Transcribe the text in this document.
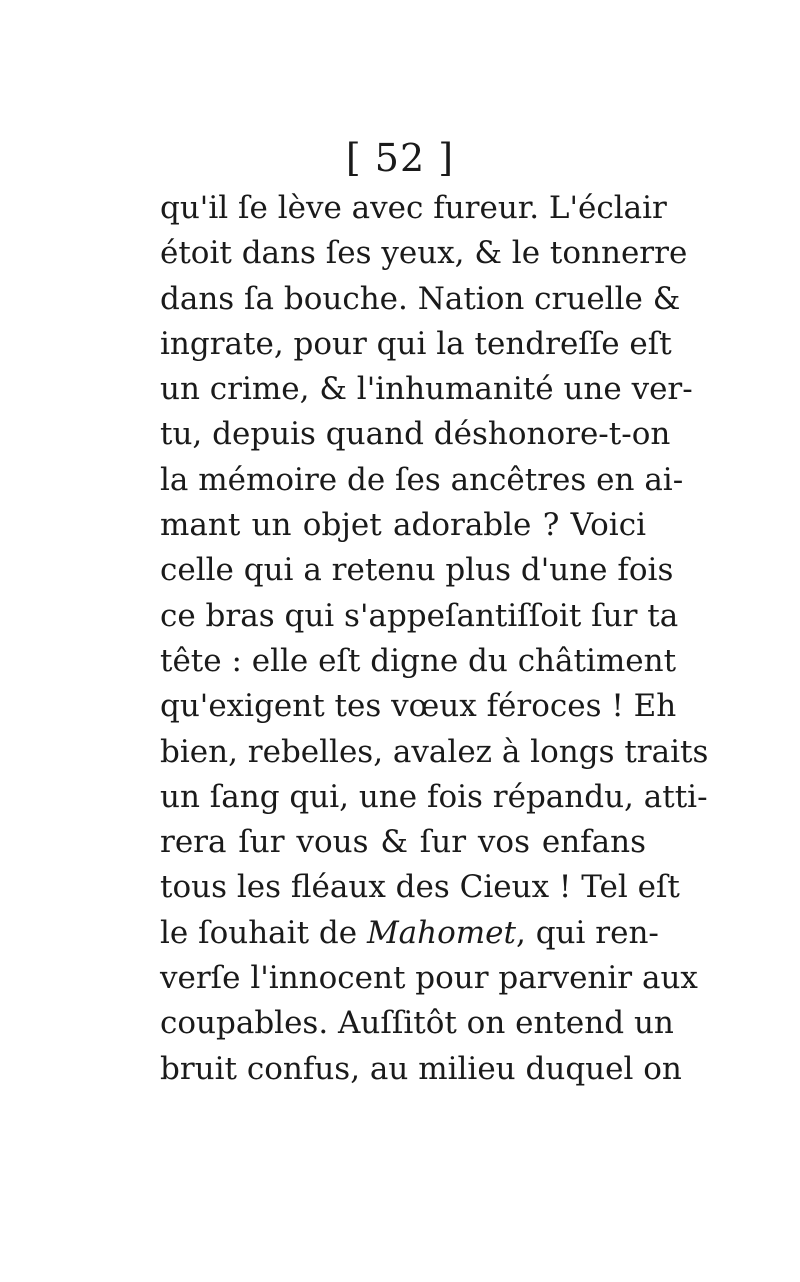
[ 52 ]
qu'il ſe lève avec fureur. L'éclair
étoit dans ſes yeux, & le tonnerre
dans ſa bouche. Nation cruelle &
ingrate, pour qui la tendreſſe eſt
un crime, & l'inhumanité une ver-
tu, depuis quand déshonore-t-on
la mémoire de ſes ancêtres en ai-
mant un objet adorable ? Voici
celle qui a retenu plus d'une fois
ce bras qui s'appeſantiſſoit ſur ta
tête : elle eſt digne du châtiment
qu'exigent tes vœux féroces ! Eh
bien, rebelles, avalez à longs traits
un ſang qui, une fois répandu, atti-
rera ſur vous & ſur vos enfans
tous les fléaux des Cieux ! Tel eſt
le ſouhait de Mahomet, qui ren-
verſe l'innocent pour parvenir aux
coupables. Auſſitôt on entend un
bruit confus, au milieu duquel on
